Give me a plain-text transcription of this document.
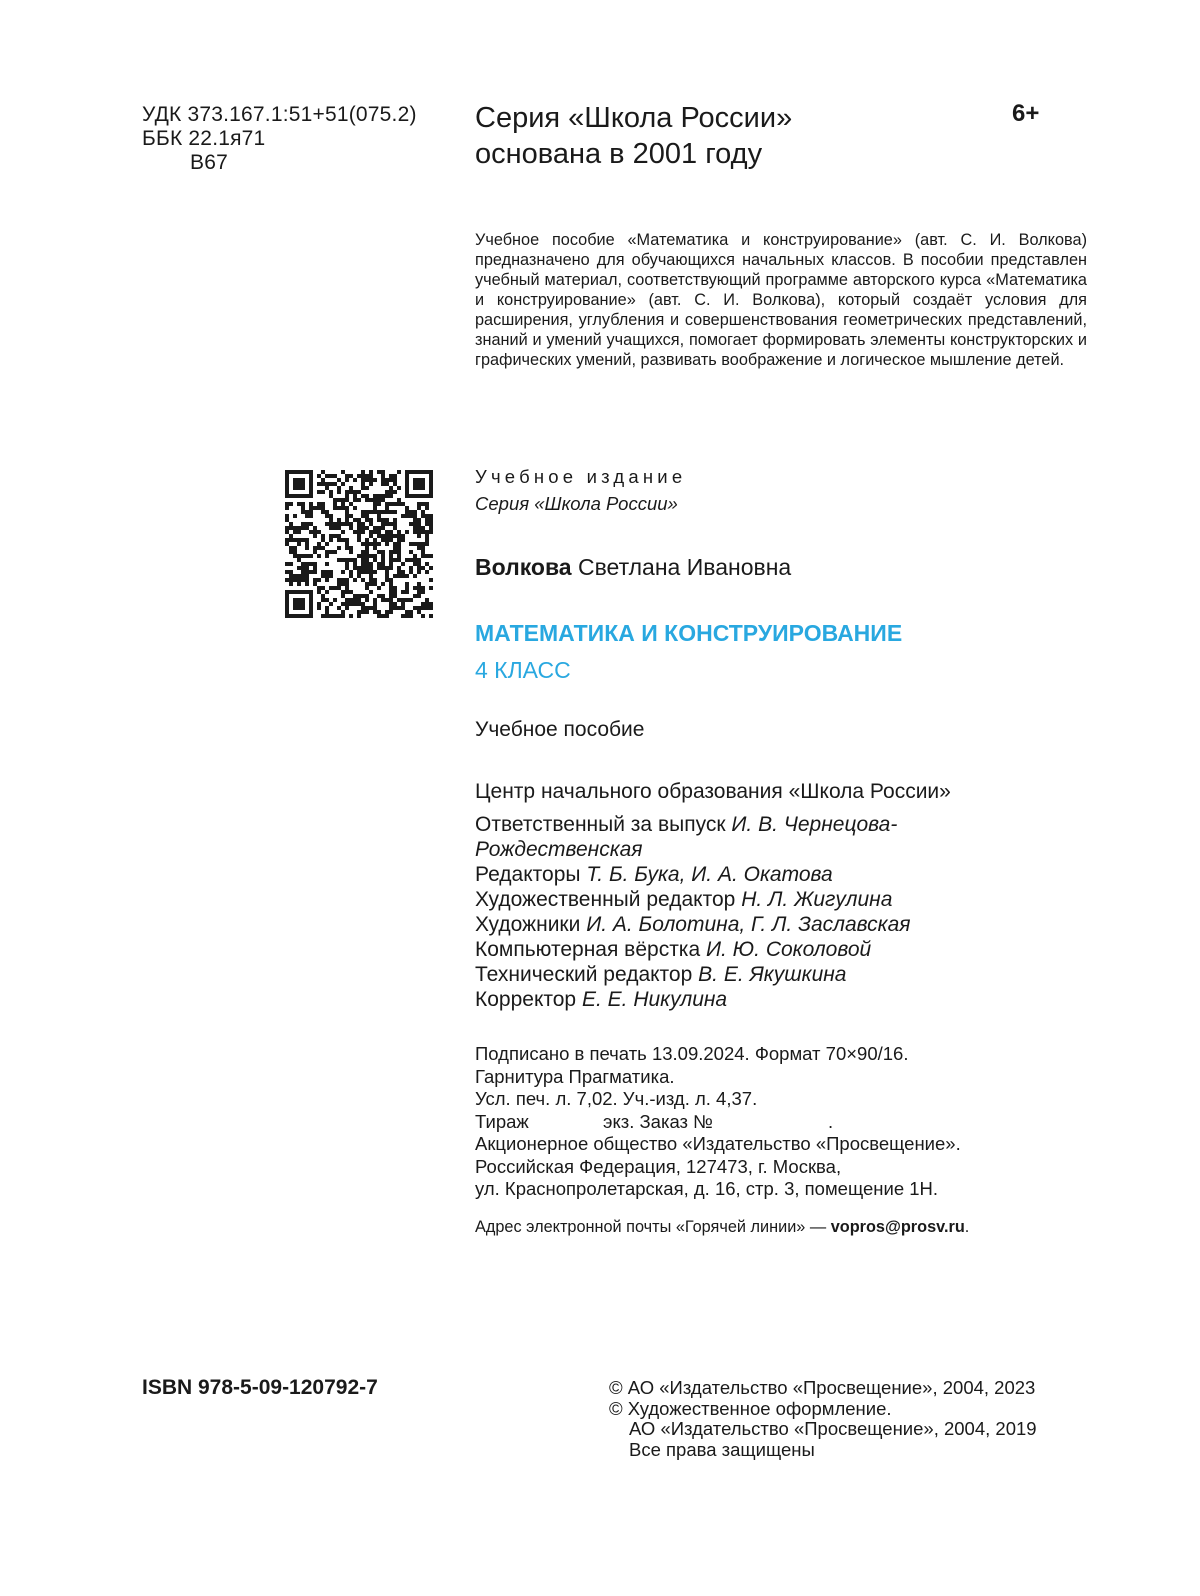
УДК 373.167.1:51+51(075.2)
ББК 22.1я71
В67
Серия «Школа России»
основана в 2001 году
6+
Учебное пособие «Математика и конструирование» (авт. С. И. Волкова) предназначено для обучающихся начальных классов. В пособии представлен учебный материал, соответствующий программе авторского курса «Математика и конструирование» (авт. С. И. Волкова), который создаёт условия для расширения, углубления и совершенствования геометрических представлений, знаний и умений учащихся, помогает формировать элементы конструкторских и графических умений, развивать воображение и логическое мышление детей.
Учебное издание
Серия «Школа России»
Волкова Светлана Ивановна
МАТЕМАТИКА И КОНСТРУИРОВАНИЕ
4 КЛАСС
Учебное пособие
Центр начального образования «Школа России»
Ответственный за выпуск И. В. Чернецова-
Рождественская
Редакторы Т. Б. Бука, И. А. Окатова
Художественный редактор Н. Л. Жигулина
Художники И. А. Болотина, Г. Л. Заславская
Компьютерная вёрстка И. Ю. Соколовой
Технический редактор В. Е. Якушкина
Корректор Е. Е. Никулина
Подписано в печать 13.09.2024. Формат 70×90/16.
Гарнитура Прагматика.
Усл. печ. л. 7,02. Уч.-изд. л. 4,37.
Тираж	экз. Заказ №	.
Акционерное общество «Издательство «Просвещение».
Российская Федерация, 127473, г. Москва,
ул. Краснопролетарская, д. 16, стр. 3, помещение 1Н.
Адрес электронной почты «Горячей линии» — vopros@prosv.ru.
ISBN 978-5-09-120792-7	© АО «Издательство «Просвещение», 2004, 2023
© Художественное оформление.
АО «Издательство «Просвещение», 2004, 2019
Все права защищены
